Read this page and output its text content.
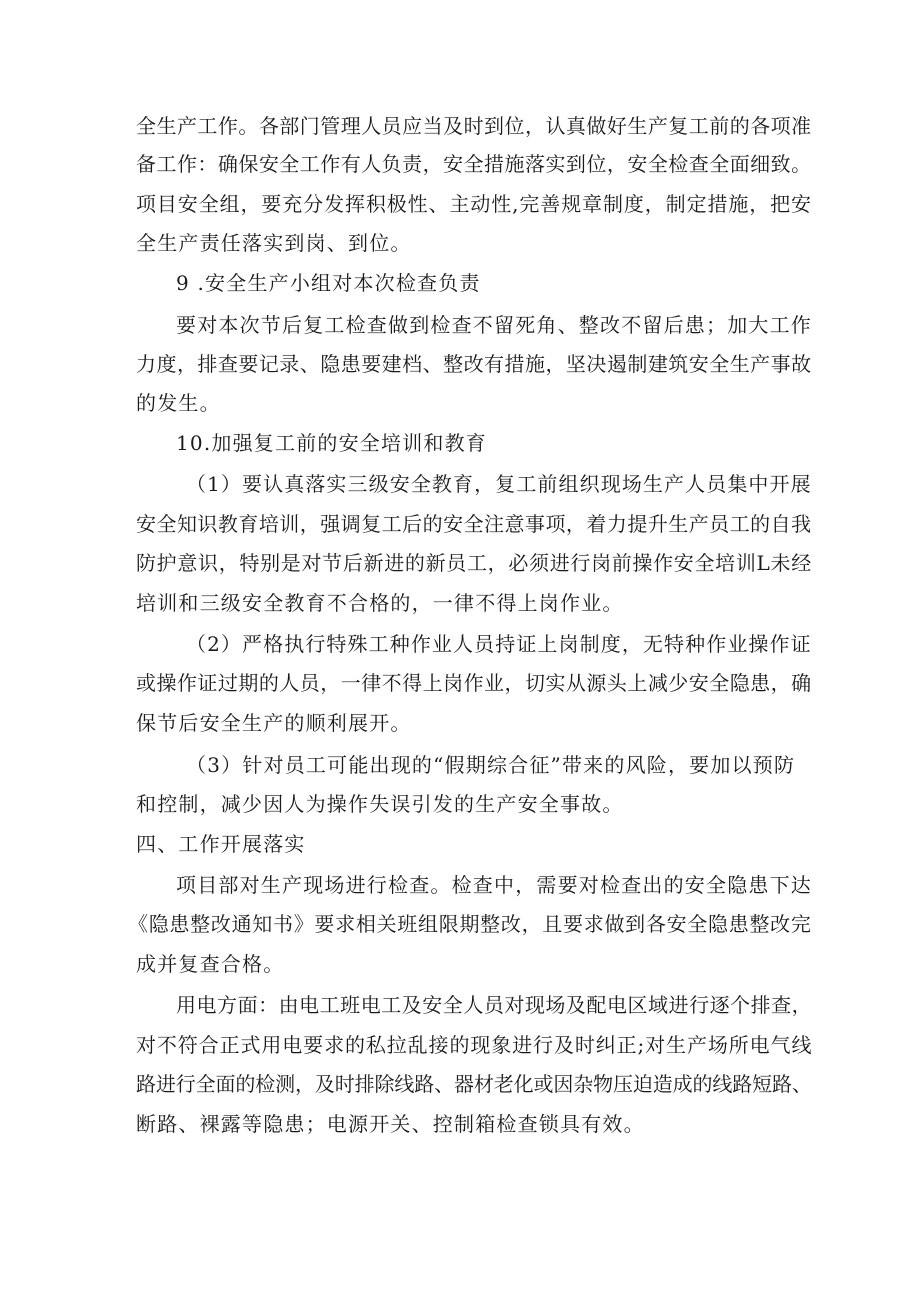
全生产工作。各部门管理人员应当及时到位，认真做好生产复工前的各项准
备工作：确保安全工作有人负责，安全措施落实到位，安全检查全面细致。
项目安全组，要充分发挥积极性、主动性,完善规章制度，制定措施，把安
全生产责任落实到岗、到位。
9 .安全生产小组对本次检查负责
要对本次节后复工检查做到检查不留死角、整改不留后患；加大工作
力度，排查要记录、隐患要建档、整改有措施，坚决遏制建筑安全生产事故
的发生。
10.加强复工前的安全培训和教育
（1）要认真落实三级安全教育，复工前组织现场生产人员集中开展
安全知识教育培训，强调复工后的安全注意事项，着力提升生产员工的自我
防护意识，特别是对节后新进的新员工，必须进行岗前操作安全培训L未经
培训和三级安全教育不合格的，一律不得上岗作业。
（2）严格执行特殊工种作业人员持证上岗制度，无特种作业操作证
或操作证过期的人员，一律不得上岗作业，切实从源头上减少安全隐患，确
保节后安全生产的顺利展开。
（3）针对员工可能出现的“假期综合征”带来的风险，要加以预防
和控制，减少因人为操作失误引发的生产安全事故。
四、工作开展落实
项目部对生产现场进行检查。检查中，需要对检查出的安全隐患下达
《隐患整改通知书》要求相关班组限期整改，且要求做到各安全隐患整改完
成并复查合格。
用电方面：由电工班电工及安全人员对现场及配电区域进行逐个排查，
对不符合正式用电要求的私拉乱接的现象进行及时纠正;对生产场所电气线
路进行全面的检测，及时排除线路、器材老化或因杂物压迫造成的线路短路、
断路、裸露等隐患；电源开关、控制箱检查锁具有效。
